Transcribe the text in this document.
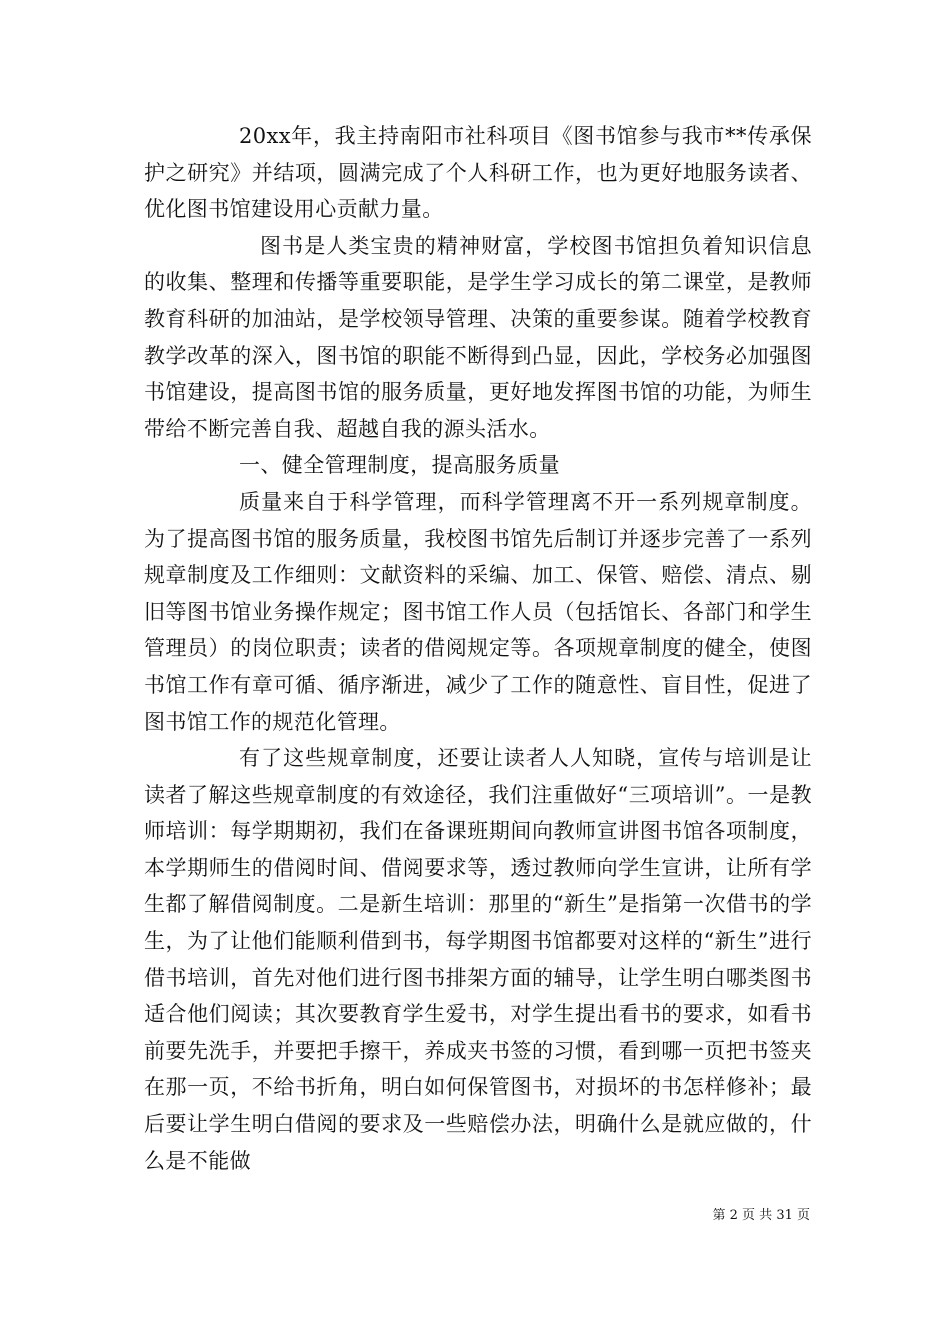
20xx年，我主持南阳市社科项目《图书馆参与我市**传承保护之研究》并结项，圆满完成了个人科研工作，也为更好地服务读者、优化图书馆建设用心贡献力量。

图书是人类宝贵的精神财富，学校图书馆担负着知识信息的收集、整理和传播等重要职能，是学生学习成长的第二课堂，是教师教育科研的加油站，是学校领导管理、决策的重要参谋。随着学校教育教学改革的深入，图书馆的职能不断得到凸显，因此，学校务必加强图书馆建设，提高图书馆的服务质量，更好地发挥图书馆的功能，为师生带给不断完善自我、超越自我的源头活水。

一、健全管理制度，提高服务质量

质量来自于科学管理，而科学管理离不开一系列规章制度。为了提高图书馆的服务质量，我校图书馆先后制订并逐步完善了一系列规章制度及工作细则：文献资料的采编、加工、保管、赔偿、清点、剔旧等图书馆业务操作规定；图书馆工作人员（包括馆长、各部门和学生管理员）的岗位职责；读者的借阅规定等。各项规章制度的健全，使图书馆工作有章可循、循序渐进，减少了工作的随意性、盲目性，促进了图书馆工作的规范化管理。

有了这些规章制度，还要让读者人人知晓，宣传与培训是让读者了解这些规章制度的有效途径，我们注重做好“三项培训”。一是教师培训：每学期期初，我们在备课班期间向教师宣讲图书馆各项制度，本学期师生的借阅时间、借阅要求等，透过教师向学生宣讲，让所有学生都了解借阅制度。二是新生培训：那里的“新生”是指第一次借书的学生，为了让他们能顺利借到书，每学期图书馆都要对这样的“新生”进行借书培训，首先对他们进行图书排架方面的辅导，让学生明白哪类图书适合他们阅读；其次要教育学生爱书，对学生提出看书的要求，如看书前要先洗手，并要把手擦干，养成夹书签的习惯，看到哪一页把书签夹在那一页，不给书折角，明白如何保管图书，对损坏的书怎样修补；最后要让学生明白借阅的要求及一些赔偿办法，明确什么是就应做的，什么是不能做

第 2 页 共 31 页
